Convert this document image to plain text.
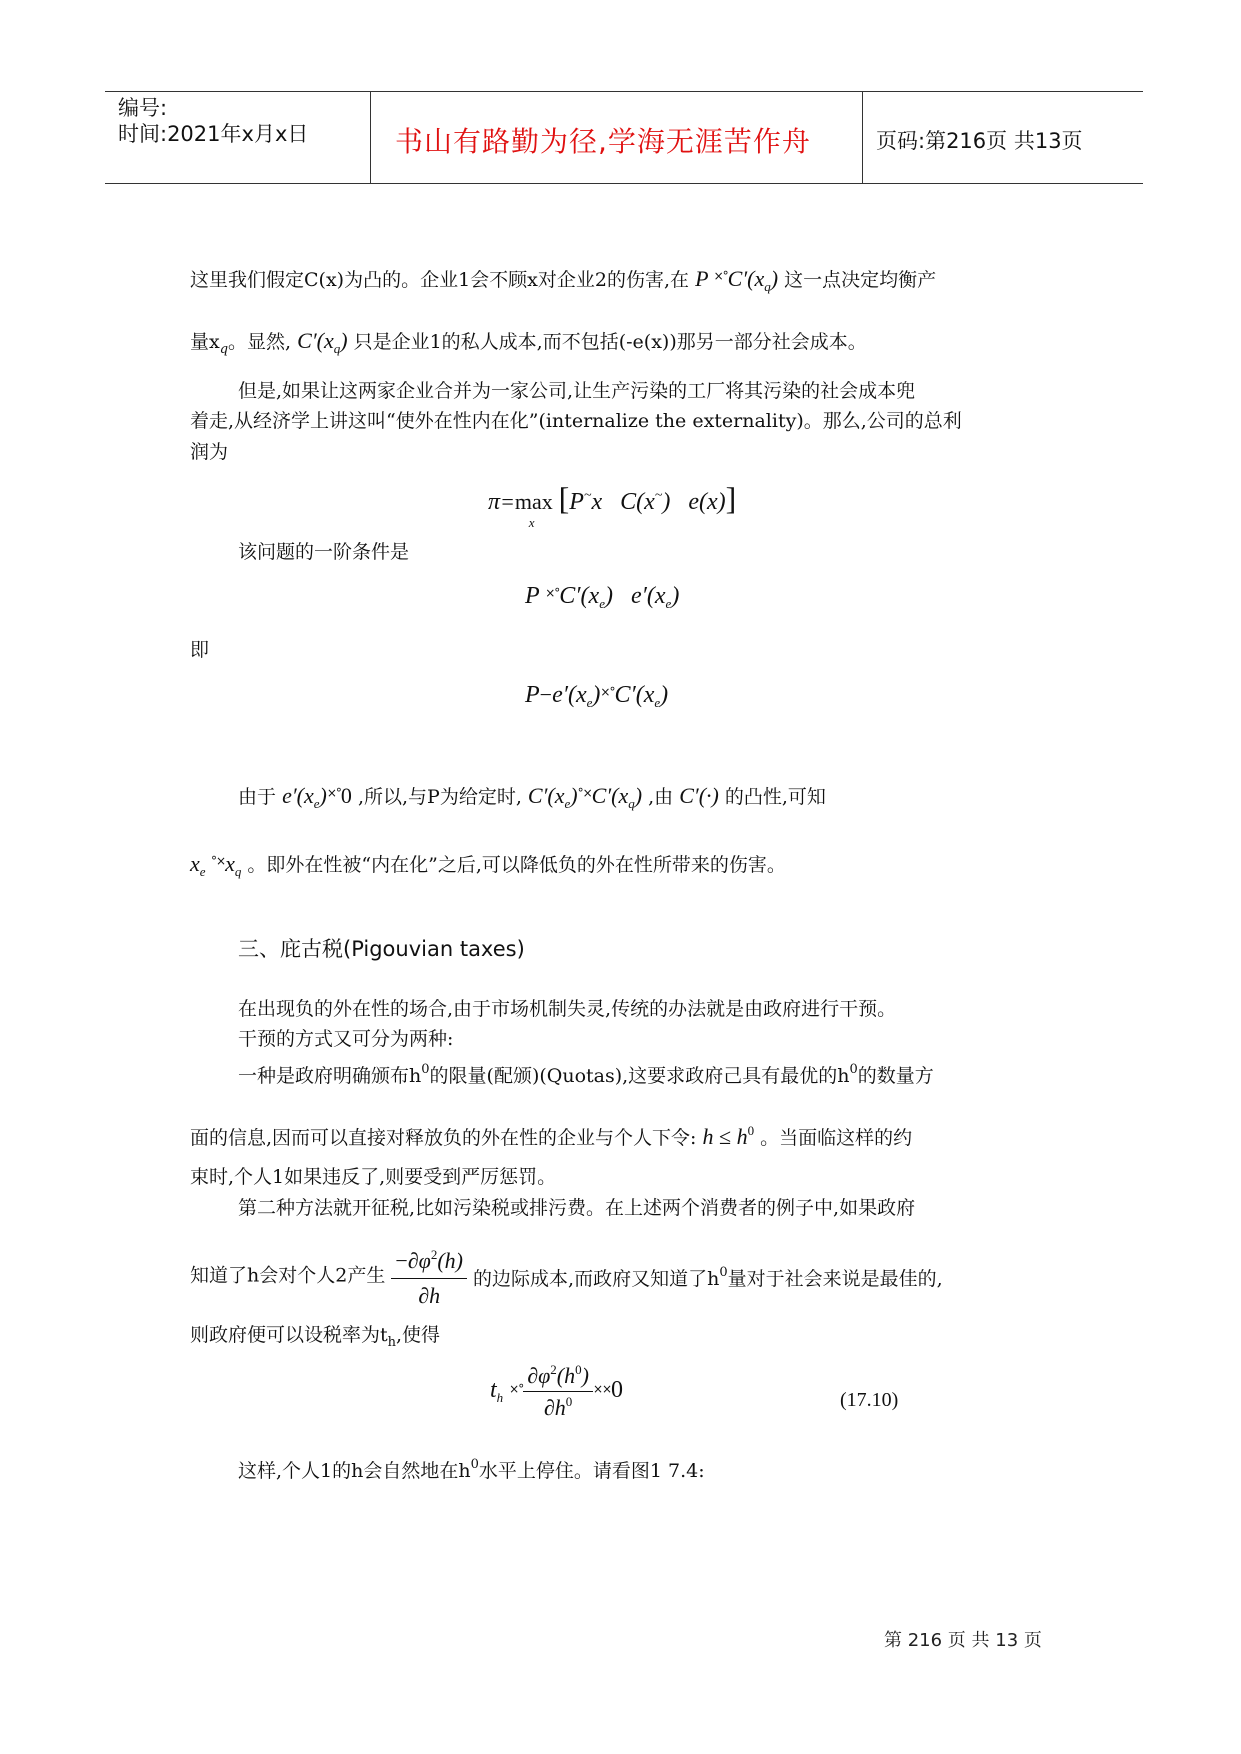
编号:
时间:2021年x月x日	书山有路勤为径,学海无涯苦作舟	页码:第216页 共13页
这里我们假定C(x)为凸的。企业1会不顾x对企业2的伤害,在 P $^{\times^\circ}C'(x_q)$ 这一点决定均衡产
量$x_q$。显然, $C'(x_q)$ 只是企业1的私人成本,而不包括(-e(x))那另一部分社会成本。
但是,如果让这两家企业合并为一家公司,让生产污染的工厂将其污染的社会成本兜
着走,从经济学上讲这叫“使外在性内在化”(internalize the externality)。那么,公司的总利
润为
$\pi=\max_x[P^\sim x$   C(x~)   e(x)]
该问题的一阶条件是
P $^{\times^\circ}C'(x_e)$   $e'(x_e)$
即
$P-e'(x_e)^{\times^\circ}C'(x_e)$
由于 $e'(x_e)^{\times^\circ}0$ ,所以,与P为给定时, $C'(x_e)^{^\circ\times}C'(x_q)$ ,由 C′(·) 的凸性,可知
$x_e$ $^{^\circ\times}x_q$ 。即外在性被“内在化”之后,可以降低负的外在性所带来的伤害。
三、庇古税(Pigouvian taxes)
在出现负的外在性的场合,由于市场机制失灵,传统的办法就是由政府进行干预。
干预的方式又可分为两种:
一种是政府明确颁布$h^0$的限量(配颁)(Quotas),这要求政府己具有最优的$h^0$的数量方
面的信息,因而可以直接对释放负的外在性的企业与个人下令: $h \le h^0$ 。当面临这样的约
束时,个人1如果违反了,则要受到严厉惩罚。
第二种方法就开征税,比如污染税或排污费。在上述两个消费者的例子中,如果政府
知道了h会对个人2产生 $\frac{-\partial\varphi^2(h)}{\partial h}$ 的边际成本,而政府又知道了$h^0$量对于社会来说是最佳的,
则政府便可以设税率为$t_h$,使得
$t_h$ ×° $\frac{\partial\varphi^2(h^0)}{\partial h^0} \times\times 0$	(17.10)
这样,个人1的h会自然地在$h^0$水平上停住。请看图1 7.4:
第 216 页 共 13 页
